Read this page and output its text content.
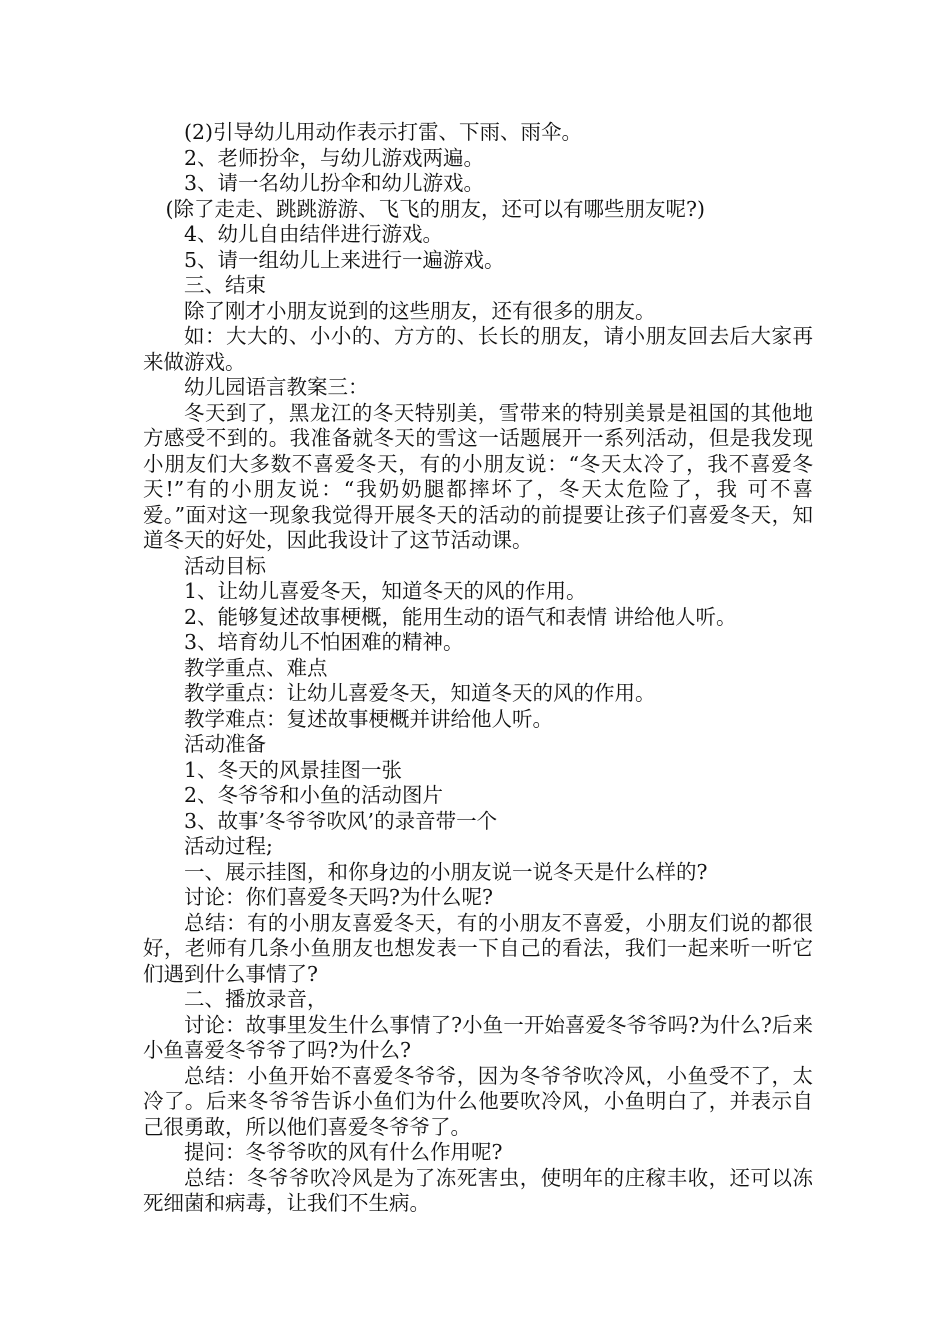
(2)引导幼儿用动作表示打雷、下雨、雨伞。

2、老师扮伞，与幼儿游戏两遍。

3、请一名幼儿扮伞和幼儿游戏。

(除了走走、跳跳游游、飞飞的朋友，还可以有哪些朋友呢?)

4、幼儿自由结伴进行游戏。

5、请一组幼儿上来进行一遍游戏。

三、结束

除了刚才小朋友说到的这些朋友，还有很多的朋友。

如：大大的、小小的、方方的、长长的朋友，请小朋友回去后大家再来做游戏。

幼儿园语言教案三：

冬天到了，黑龙江的冬天特别美，雪带来的特别美景是祖国的其他地方感受不到的。我准备就冬天的雪这一话题展开一系列活动，但是我发现小朋友们大多数不喜爱冬天，有的小朋友说：“冬天太冷了，我不喜爱冬天!”有的小朋友说：“我奶奶腿都摔坏了，冬天太危险了，我 可不喜爱。”面对这一现象我觉得开展冬天的活动的前提要让孩子们喜爱冬天，知道冬天的好处，因此我设计了这节活动课。

活动目标

1、让幼儿喜爱冬天，知道冬天的风的作用。

2、能够复述故事梗概，能用生动的语气和表情 讲给他人听。

3、培育幼儿不怕困难的精神。

教学重点、难点

教学重点：让幼儿喜爱冬天，知道冬天的风的作用。

教学难点：复述故事梗概并讲给他人听。

活动准备

1、冬天的风景挂图一张

2、冬爷爷和小鱼的活动图片

3、故事’冬爷爷吹风’的录音带一个

活动过程;

一、展示挂图，和你身边的小朋友说一说冬天是什么样的?

讨论：你们喜爱冬天吗?为什么呢?

总结：有的小朋友喜爱冬天，有的小朋友不喜爱，小朋友们说的都很好，老师有几条小鱼朋友也想发表一下自己的看法，我们一起来听一听它们遇到什么事情了?

二、播放录音，

讨论：故事里发生什么事情了?小鱼一开始喜爱冬爷爷吗?为什么?后来小鱼喜爱冬爷爷了吗?为什么?

总结：小鱼开始不喜爱冬爷爷，因为冬爷爷吹冷风，小鱼受不了，太冷了。后来冬爷爷告诉小鱼们为什么他要吹冷风，小鱼明白了，并表示自己很勇敢，所以他们喜爱冬爷爷了。

提问：冬爷爷吹的风有什么作用呢?

总结：冬爷爷吹冷风是为了冻死害虫，使明年的庄稼丰收，还可以冻死细菌和病毒，让我们不生病。
